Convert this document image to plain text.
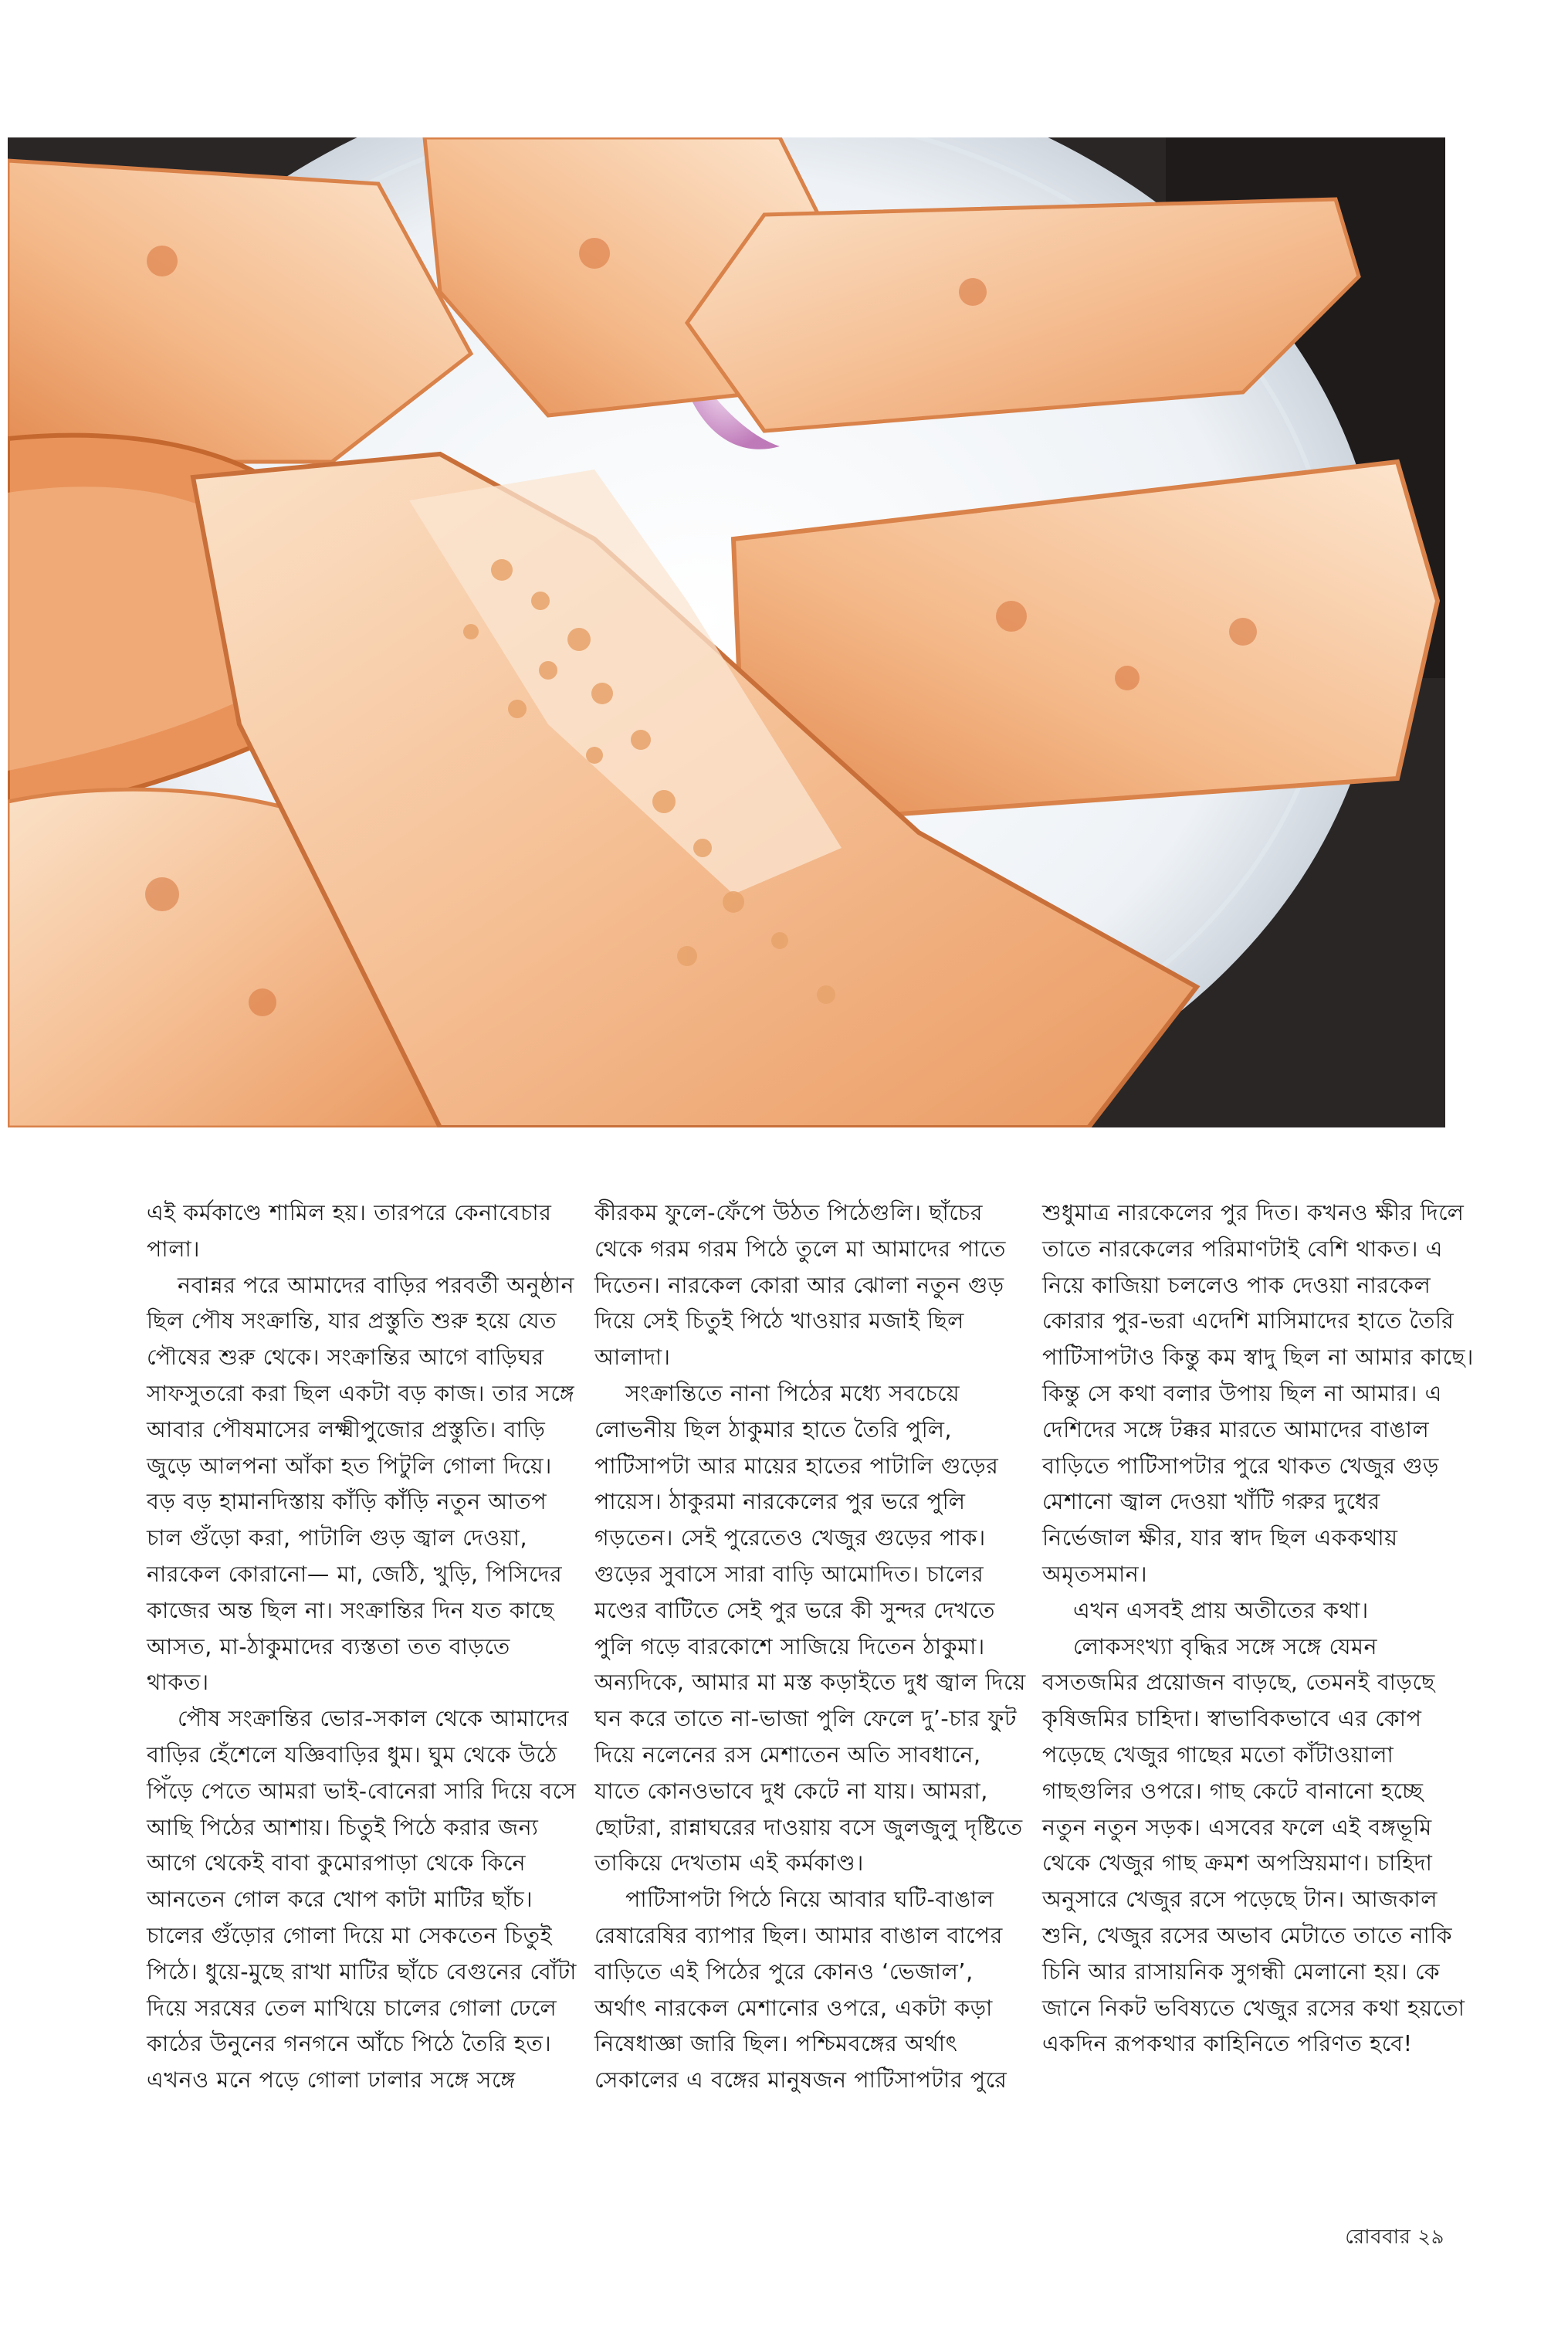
এই কর্মকাণ্ডে শামিল হয়। তারপরে কেনাবেচার পালা।

নবান্নর পরে আমাদের বাড়ির পরবর্তী অনুষ্ঠান ছিল পৌষ সংক্রান্তি, যার প্রস্তুতি শুরু হয়ে যেত পৌষের শুরু থেকে। সংক্রান্তির আগে বাড়িঘর সাফসুতরো করা ছিল একটা বড় কাজ। তার সঙ্গে আবার পৌষমাসের লক্ষ্মীপুজোর প্রস্তুতি। বাড়ি জুড়ে আলপনা আঁকা হত পিটুলি গোলা দিয়ে। বড় বড় হামানদিস্তায় কাঁড়ি কাঁড়ি নতুন আতপ চাল গুঁড়ো করা, পাটালি গুড় জ্বাল দেওয়া, নারকেল কোরানো— মা, জেঠি, খুড়ি, পিসিদের কাজের অন্ত ছিল না। সংক্রান্তির দিন যত কাছে আসত, মা-ঠাকুমাদের ব্যস্ততা তত বাড়তে থাকত।

পৌষ সংক্রান্তির ভোর-সকাল থেকে আমাদের বাড়ির হেঁশেলে যজ্ঞিবাড়ির ধুম। ঘুম থেকে উঠে পিঁড়ে পেতে আমরা ভাই-বোনেরা সারি দিয়ে বসে আছি পিঠের আশায়। চিতুই পিঠে করার জন্য আগে থেকেই বাবা কুমোরপাড়া থেকে কিনে আনতেন গোল করে খোপ কাটা মাটির ছাঁচ। চালের গুঁড়োর গোলা দিয়ে মা সেকতেন চিতুই পিঠে। ধুয়ে-মুছে রাখা মাটির ছাঁচে বেগুনের বোঁটা দিয়ে সরষের তেল মাখিয়ে চালের গোলা ঢেলে কাঠের উনুনের গনগনে আঁচে পিঠে তৈরি হত। এখনও মনে পড়ে গোলা ঢালার সঙ্গে সঙ্গে

কীরকম ফুলে-ফেঁপে উঠত পিঠেগুলি। ছাঁচের থেকে গরম গরম পিঠে তুলে মা আমাদের পাতে দিতেন। নারকেল কোরা আর ঝোলা নতুন গুড় দিয়ে সেই চিতুই পিঠে খাওয়ার মজাই ছিল আলাদা।

সংক্রান্তিতে নানা পিঠের মধ্যে সবচেয়ে লোভনীয় ছিল ঠাকুমার হাতে তৈরি পুলি, পাটিসাপটা আর মায়ের হাতের পাটালি গুড়ের পায়েস। ঠাকুরমা নারকেলের পুর ভরে পুলি গড়তেন। সেই পুরেতেও খেজুর গুড়ের পাক। গুড়ের সুবাসে সারা বাড়ি আমোদিত। চালের মণ্ডের বাটিতে সেই পুর ভরে কী সুন্দর দেখতে পুলি গড়ে বারকোশে সাজিয়ে দিতেন ঠাকুমা। অন্যদিকে, আমার মা মস্ত কড়াইতে দুধ জ্বাল দিয়ে ঘন করে তাতে না-ভাজা পুলি ফেলে দু’-চার ফুট দিয়ে নলেনের রস মেশাতেন অতি সাবধানে, যাতে কোনওভাবে দুধ কেটে না যায়। আমরা, ছোটরা, রান্নাঘরের দাওয়ায় বসে জুলজুলু দৃষ্টিতে তাকিয়ে দেখতাম এই কর্মকাণ্ড।

পাটিসাপটা পিঠে নিয়ে আবার ঘটি-বাঙাল রেষারেষির ব্যাপার ছিল। আমার বাঙাল বাপের বাড়িতে এই পিঠের পুরে কোনও ‘ভেজাল’, অর্থাৎ নারকেল মেশানোর ওপরে, একটা কড়া নিষেধাজ্ঞা জারি ছিল। পশ্চিমবঙ্গের অর্থাৎ সেকালের এ বঙ্গের মানুষজন পাটিসাপটার পুরে

শুধুমাত্র নারকেলের পুর দিত। কখনও ক্ষীর দিলে তাতে নারকেলের পরিমাণটাই বেশি থাকত। এ নিয়ে কাজিয়া চললেও পাক দেওয়া নারকেল কোরার পুর-ভরা এদেশি মাসিমাদের হাতে তৈরি পাটিসাপটাও কিন্তু কম স্বাদু ছিল না আমার কাছে। কিন্তু সে কথা বলার উপায় ছিল না আমার। এ দেশিদের সঙ্গে টক্কর মারতে আমাদের বাঙাল বাড়িতে পাটিসাপটার পুরে থাকত খেজুর গুড় মেশানো জ্বাল দেওয়া খাঁটি গরুর দুধের নির্ভেজাল ক্ষীর, যার স্বাদ ছিল এককথায় অমৃতসমান।

এখন এসবই প্রায় অতীতের কথা।

লোকসংখ্যা বৃদ্ধির সঙ্গে সঙ্গে যেমন বসতজমির প্রয়োজন বাড়ছে, তেমনই বাড়ছে কৃষিজমির চাহিদা। স্বাভাবিকভাবে এর কোপ পড়েছে খেজুর গাছের মতো কাঁটাওয়ালা গাছগুলির ওপরে। গাছ কেটে বানানো হচ্ছে নতুন নতুন সড়ক। এসবের ফলে এই বঙ্গভূমি থেকে খেজুর গাছ ক্রমশ অপস্রিয়মাণ। চাহিদা অনুসারে খেজুর রসে পড়েছে টান। আজকাল শুনি, খেজুর রসের অভাব মেটাতে তাতে নাকি চিনি আর রাসায়নিক সুগন্ধী মেলানো হয়। কে জানে নিকট ভবিষ্যতে খেজুর রসের কথা হয়তো একদিন রূপকথার কাহিনিতে পরিণত হবে!

রোববার ২৯
